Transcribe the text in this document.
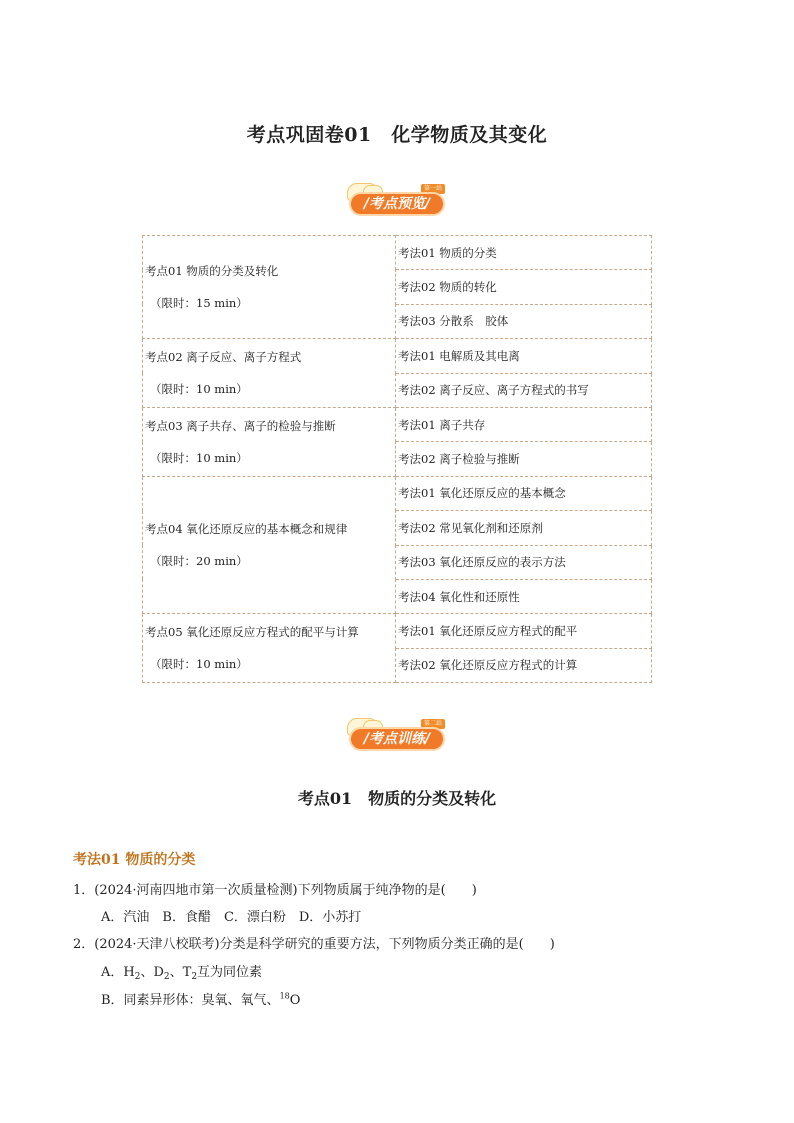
考点巩固卷01　化学物质及其变化
第一站
/考点预览/
考点01 物质的分类及转化
（限时：15 min）	考法01 物质的分类
	考法02 物质的转化
	考法03 分散系　胶体

考点02 离子反应、离子方程式
（限时：10 min）	考法01 电解质及其电离
	考法02 离子反应、离子方程式的书写

考点03 离子共存、离子的检验与推断
（限时：10 min）	考法01 离子共存
	考法02 离子检验与推断

考点04 氧化还原反应的基本概念和规律
（限时：20 min）	考法01 氧化还原反应的基本概念
	考法02 常见氧化剂和还原剂
	考法03 氧化还原反应的表示方法
	考法04 氧化性和还原性

考点05 氧化还原反应方程式的配平与计算
（限时：10 min）	考法01 氧化还原反应方程式的配平
	考法02 氧化还原反应方程式的计算
第二站
/考点训练/
考点01　物质的分类及转化
考法01 物质的分类
1．(2024·河南四地市第一次质量检测)下列物质属于纯净物的是(　　)
A．汽油　B．食醋　C．漂白粉　D．小苏打
2．(2024·天津八校联考)分类是科学研究的重要方法，下列物质分类正确的是(　　)
A．$H_2$、$D_2$、$T_2$互为同位素
B．同素异形体：臭氧、氧气、$^{18}$O
